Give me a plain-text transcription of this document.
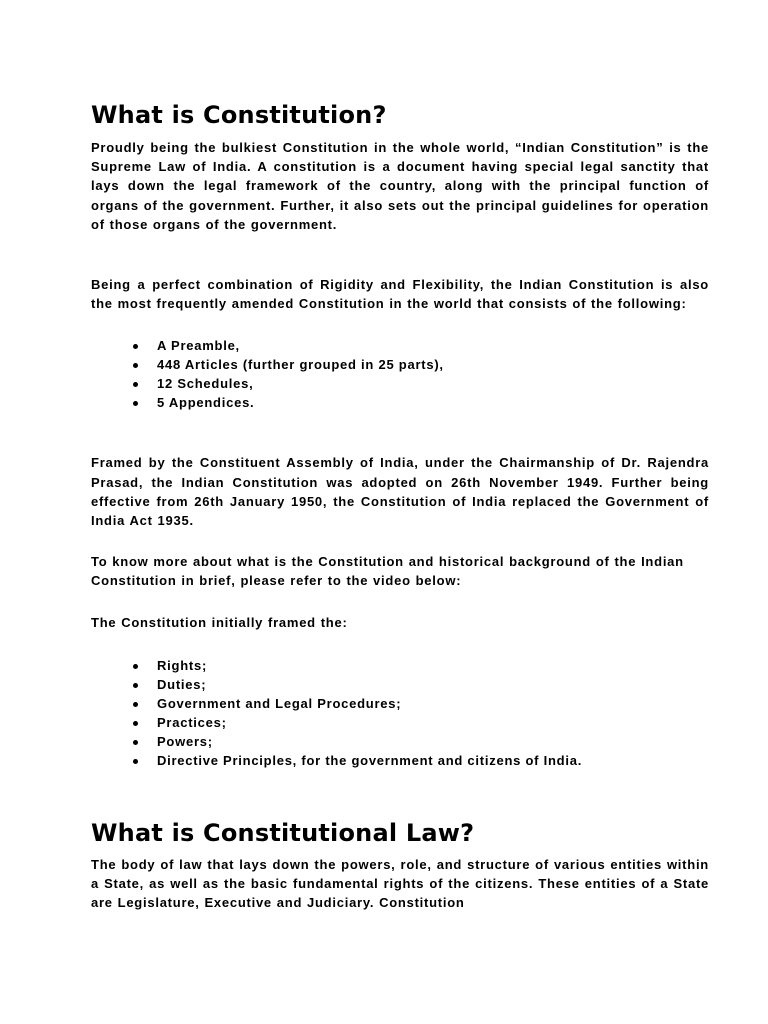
What is Constitution?

Proudly being the bulkiest Constitution in the whole world, “Indian Constitution” is the Supreme Law of India. A constitution is a document having special legal sanctity that lays down the legal framework of the country, along with the principal function of organs of the government. Further, it also sets out the principal guidelines for operation of those organs of the government.

Being a perfect combination of Rigidity and Flexibility, the Indian Constitution is also the most frequently amended Constitution in the world that consists of the following:

A Preamble,
448 Articles (further grouped in 25 parts),
12 Schedules,
5 Appendices.

Framed by the Constituent Assembly of India, under the Chairmanship of Dr. Rajendra Prasad, the Indian Constitution was adopted on 26th November 1949. Further being effective from 26th January 1950, the Constitution of India replaced the Government of India Act 1935.

To know more about what is the Constitution and historical background of the Indian Constitution in brief, please refer to the video below:

The Constitution initially framed the:

Rights;
Duties;
Government and Legal Procedures;
Practices;
Powers;
Directive Principles, for the government and citizens of India.
What is Constitutional Law?

The body of law that lays down the powers, role, and structure of various entities within a State, as well as the basic fundamental rights of the citizens. These entities of a State are Legislature, Executive and Judiciary. Constitution
